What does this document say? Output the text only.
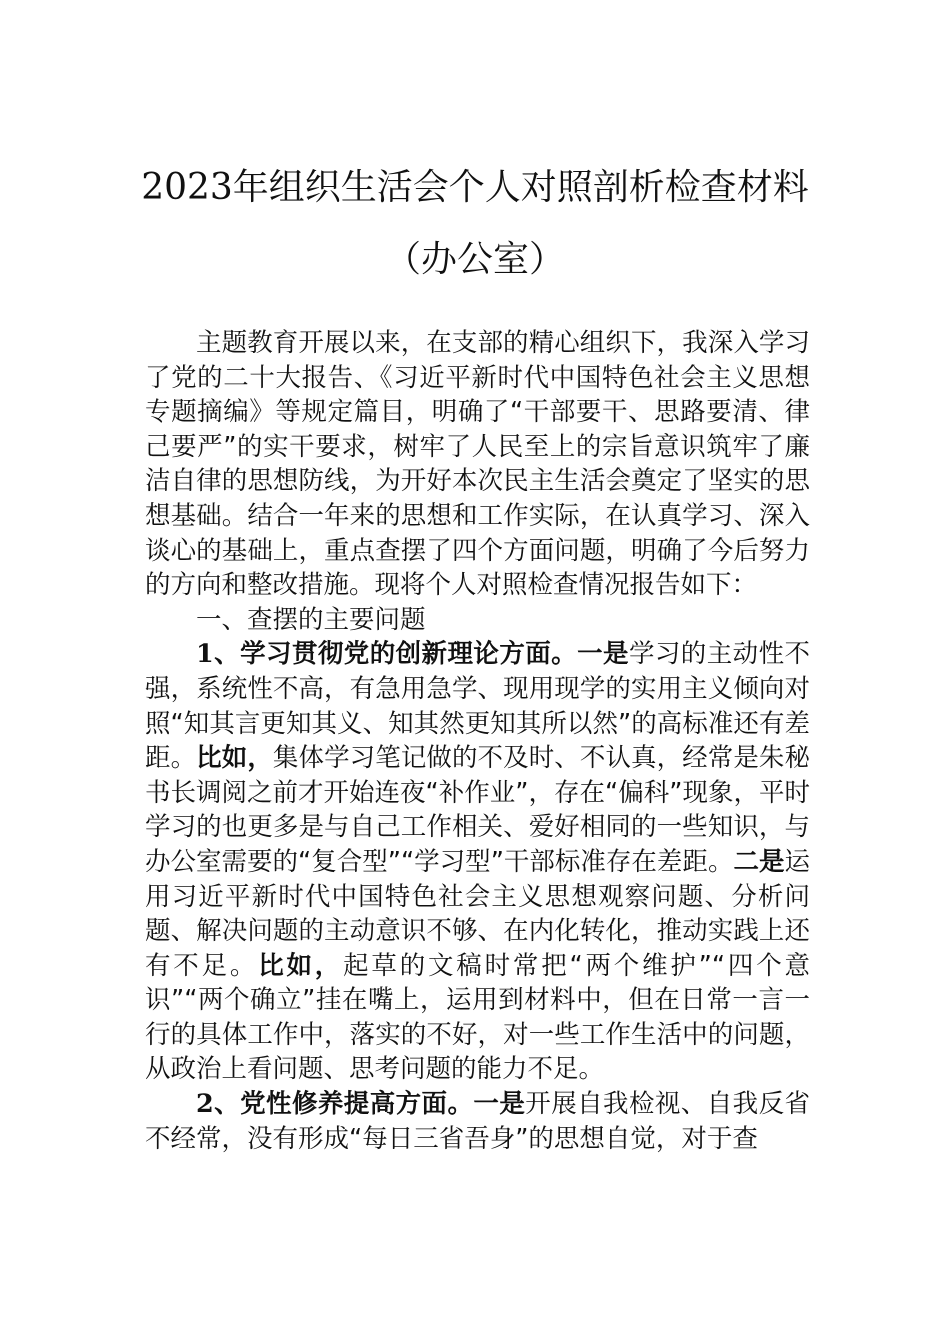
2023年组织生活会个人对照剖析检查材料
（办公室）

主题教育开展以来，在支部的精心组织下，我深入学习了党的二十大报告、《习近平新时代中国特色社会主义思想专题摘编》等规定篇目，明确了“干部要干、思路要清、律己要严”的实干要求，树牢了人民至上的宗旨意识筑牢了廉洁自律的思想防线，为开好本次民主生活会奠定了坚实的思想基础。结合一年来的思想和工作实际，在认真学习、深入谈心的基础上，重点查摆了四个方面问题，明确了今后努力的方向和整改措施。现将个人对照检查情况报告如下：

一、查摆的主要问题

1、学习贯彻党的创新理论方面。一是学习的主动性不强，系统性不高，有急用急学、现用现学的实用主义倾向对照“知其言更知其义、知其然更知其所以然”的高标准还有差距。比如，集体学习笔记做的不及时、不认真，经常是朱秘书长调阅之前才开始连夜“补作业”，存在“偏科”现象，平时学习的也更多是与自己工作相关、爱好相同的一些知识，与办公室需要的“复合型”“学习型”干部标准存在差距。二是运用习近平新时代中国特色社会主义思想观察问题、分析问题、解决问题的主动意识不够、在内化转化，推动实践上还有不足。比如，起草的文稿时常把“两个维护”“四个意识”“两个确立”挂在嘴上，运用到材料中，但在日常一言一行的具体工作中，落实的不好，对一些工作生活中的问题，从政治上看问题、思考问题的能力不足。

2、党性修养提高方面。一是开展自我检视、自我反省不经常，没有形成“每日三省吾身”的思想自觉，对于查
